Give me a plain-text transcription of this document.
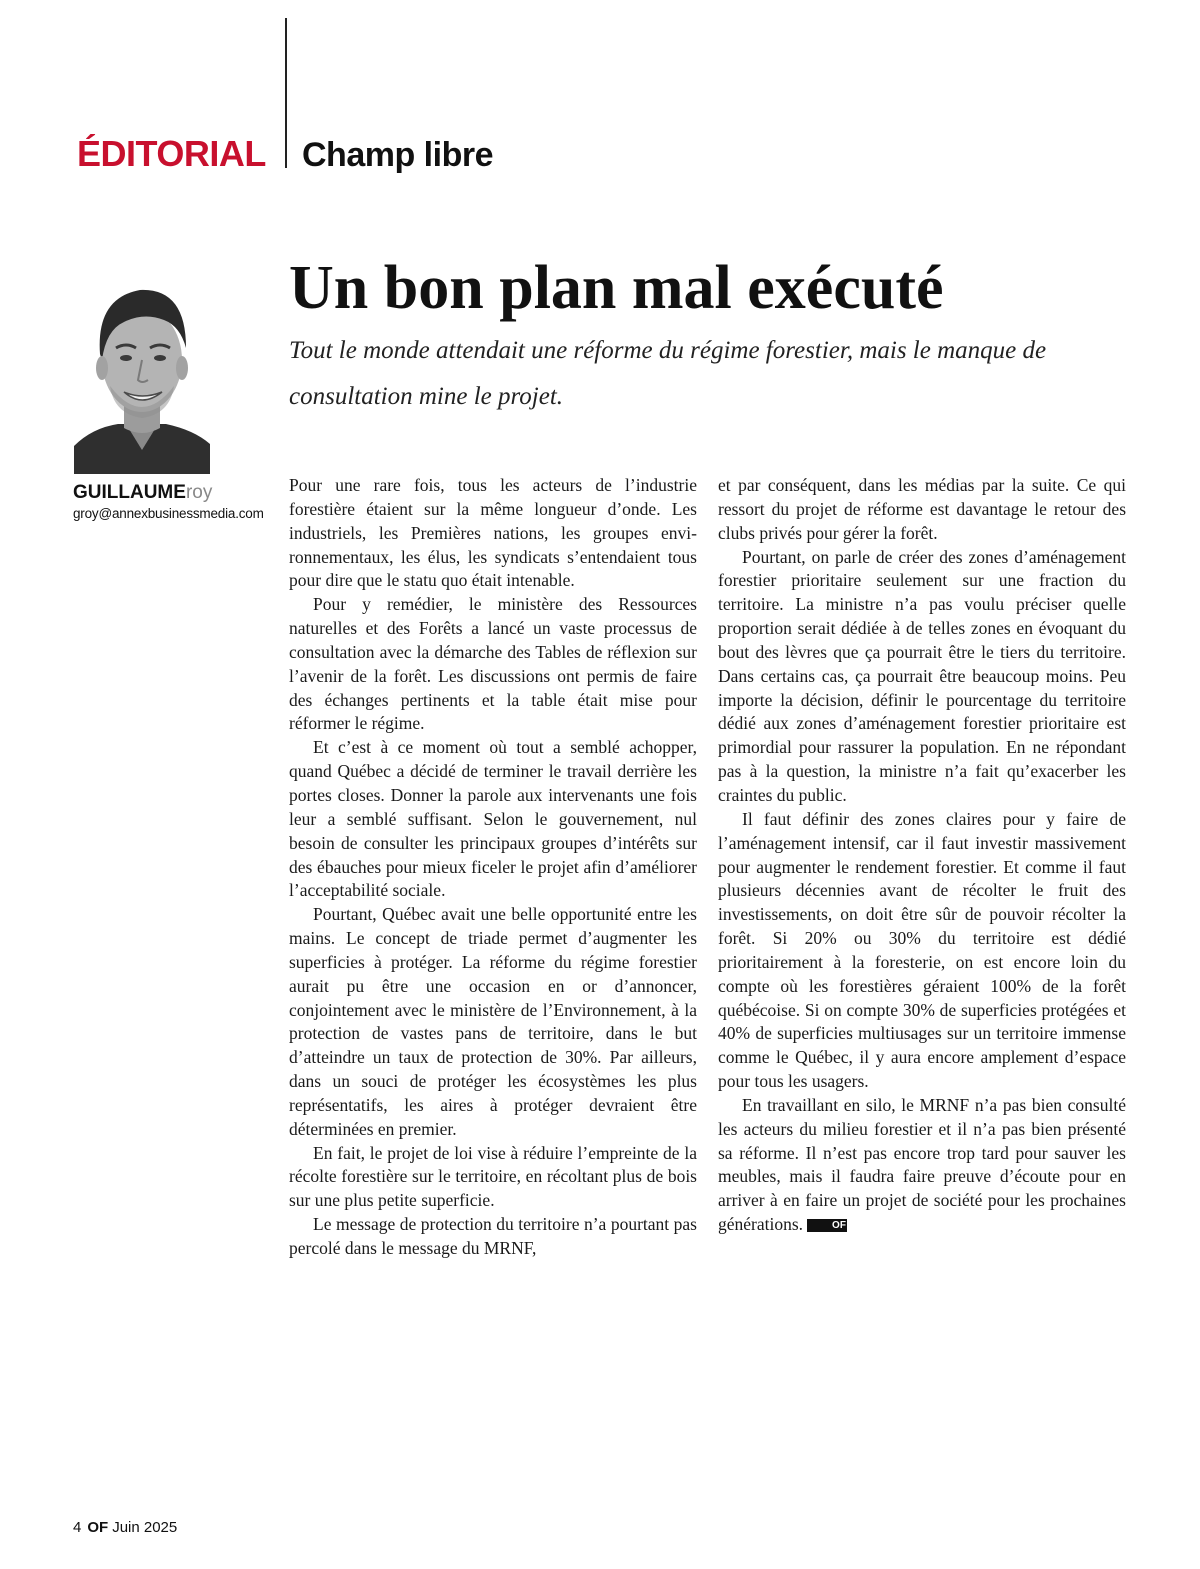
ÉDITORIAL Champ libre
Un bon plan mal exécuté
Tout le monde attendait une réforme du régime forestier, mais le manque de consultation mine le projet.
GUILLAUMEroy
groy@annexbusinessmedia.com

Pour une rare fois, tous les acteurs de l’industrie forestière étaient sur la même longueur d’onde. Les industriels, les Premières nations, les groupes environnementaux, les élus, les syndicats s’entendaient tous pour dire que le statu quo était intenable.

Pour y remédier, le ministère des Ressources naturelles et des Forêts a lancé un vaste processus de consultation avec la démarche des Tables de réflexion sur l’avenir de la forêt. Les discussions ont permis de faire des échanges pertinents et la table était mise pour réformer le régime.

Et c’est à ce moment où tout a semblé achopper, quand Québec a décidé de terminer le travail derrière les portes closes. Donner la parole aux intervenants une fois leur a semblé suffisant. Selon le gouvernement, nul besoin de consulter les principaux groupes d’intérêts sur des ébauches pour mieux ficeler le projet afin d’améliorer l’acceptabilité sociale.

Pourtant, Québec avait une belle opportunité entre les mains. Le concept de triade permet d’augmenter les superficies à protéger. La réforme du régime forestier aurait pu être une occasion en or d’annoncer, conjointement avec le ministère de l’Environnement, à la protection de vastes pans de territoire, dans le but d’atteindre un taux de protection de 30%. Par ailleurs, dans un souci de protéger les écosystèmes les plus représentatifs, les aires à protéger devraient être déterminées en premier.

En fait, le projet de loi vise à réduire l’empreinte de la récolte forestière sur le territoire, en récoltant plus de bois sur une plus petite superficie.

Le message de protection du territoire n’a pourtant pas percolé dans le message du MRNF,

et par conséquent, dans les médias par la suite. Ce qui ressort du projet de réforme est davantage le retour des clubs privés pour gérer la forêt.

Pourtant, on parle de créer des zones d’aménagement forestier prioritaire seulement sur une fraction du territoire. La ministre n’a pas voulu préciser quelle proportion serait dédiée à de telles zones en évoquant du bout des lèvres que ça pourrait être le tiers du territoire. Dans certains cas, ça pourrait être beaucoup moins. Peu importe la décision, définir le pourcentage du territoire dédié aux zones d’aménagement forestier prioritaire est primordial pour rassurer la population. En ne répondant pas à la question, la ministre n’a fait qu’exacerber les craintes du public.

Il faut définir des zones claires pour y faire de l’aménagement intensif, car il faut investir massivement pour augmenter le rendement forestier. Et comme il faut plusieurs décennies avant de récolter le fruit des investissements, on doit être sûr de pouvoir récolter la forêt. Si 20% ou 30% du territoire est dédié prioritairement à la foresterie, on est encore loin du compte où les forestières géraient 100% de la forêt québécoise. Si on compte 30% de superficies protégées et 40% de superficies multiusages sur un territoire immense comme le Québec, il y aura encore amplement d’espace pour tous les usagers.

En travaillant en silo, le MRNF n’a pas bien consulté les acteurs du milieu forestier et il n’a pas bien présenté sa réforme. Il n’est pas encore trop tard pour sauver les meubles, mais il faudra faire preuve d’écoute pour en arriver à en faire un projet de société pour les prochaines générations.	OF

4 OF Juin 2025
